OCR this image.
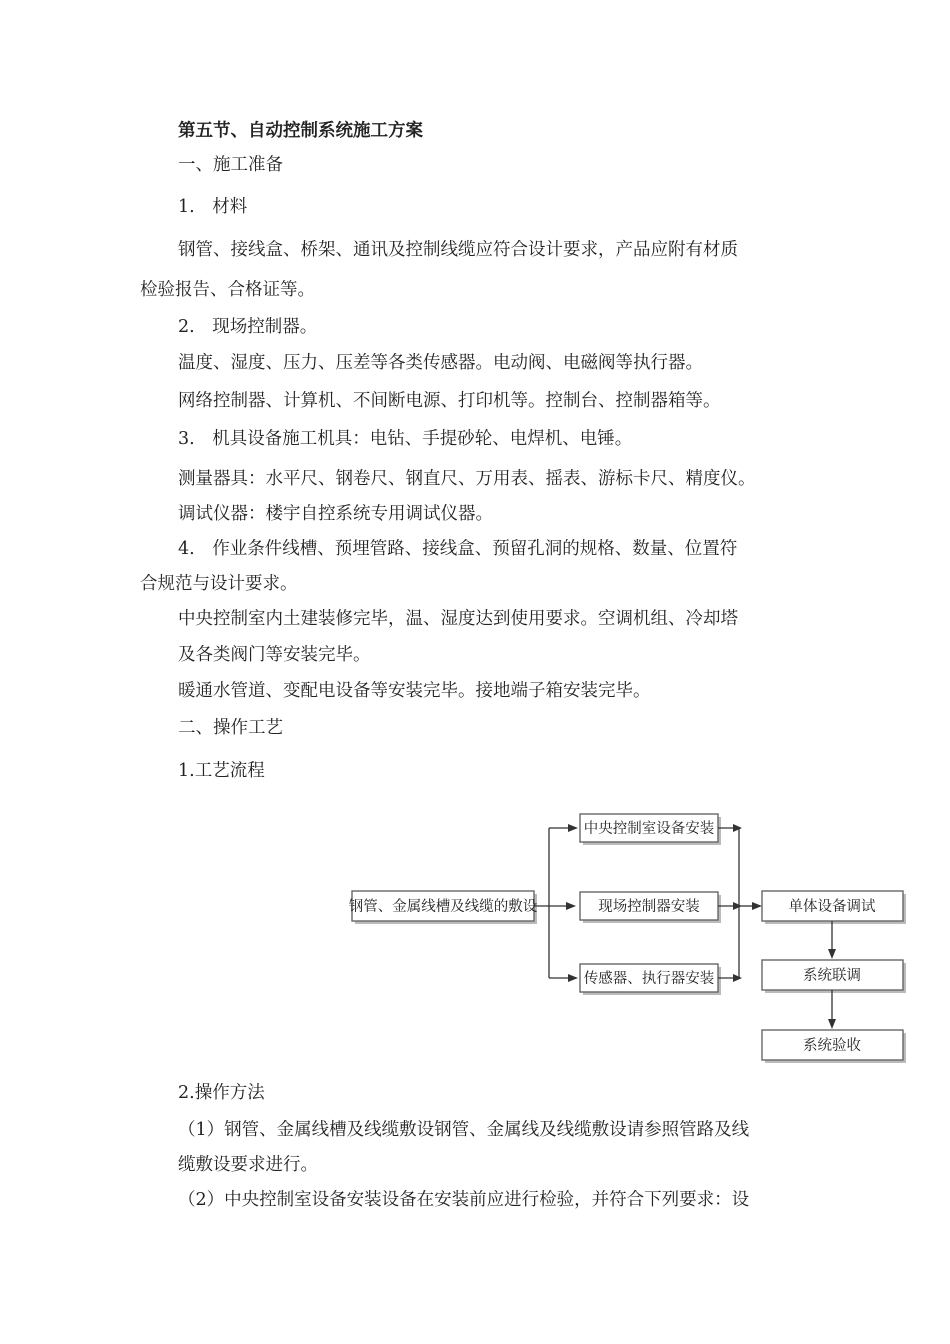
第五节、自动控制系统施工方案
一、施工准备
1.　材料
钢管、接线盒、桥架、通讯及控制线缆应符合设计要求，产品应附有材质
检验报告、合格证等。
2.　现场控制器。
温度、湿度、压力、压差等各类传感器。电动阀、电磁阀等执行器。
网络控制器、计算机、不间断电源、打印机等。控制台、控制器箱等。
3.　机具设备施工机具：电钻、手提砂轮、电焊机、电锤。
测量器具：水平尺、钢卷尺、钢直尺、万用表、摇表、游标卡尺、精度仪。
调试仪器：楼宇自控系统专用调试仪器。
4.　作业条件线槽、预埋管路、接线盒、预留孔洞的规格、数量、位置符
合规范与设计要求。
中央控制室内土建装修完毕，温、湿度达到使用要求。空调机组、冷却塔
及各类阀门等安装完毕。
暖通水管道、变配电设备等安装完毕。接地端子箱安装完毕。
二、操作工艺
1.工艺流程
钢管、金属线槽及线缆的敷设
中央控制室设备安装
现场控制器安装
传感器、执行器安装
单体设备调试
系统联调
系统验收
2.操作方法
（1）钢管、金属线槽及线缆敷设钢管、金属线及线缆敷设请参照管路及线
缆敷设要求进行。
（2）中央控制室设备安装设备在安装前应进行检验，并符合下列要求：设
